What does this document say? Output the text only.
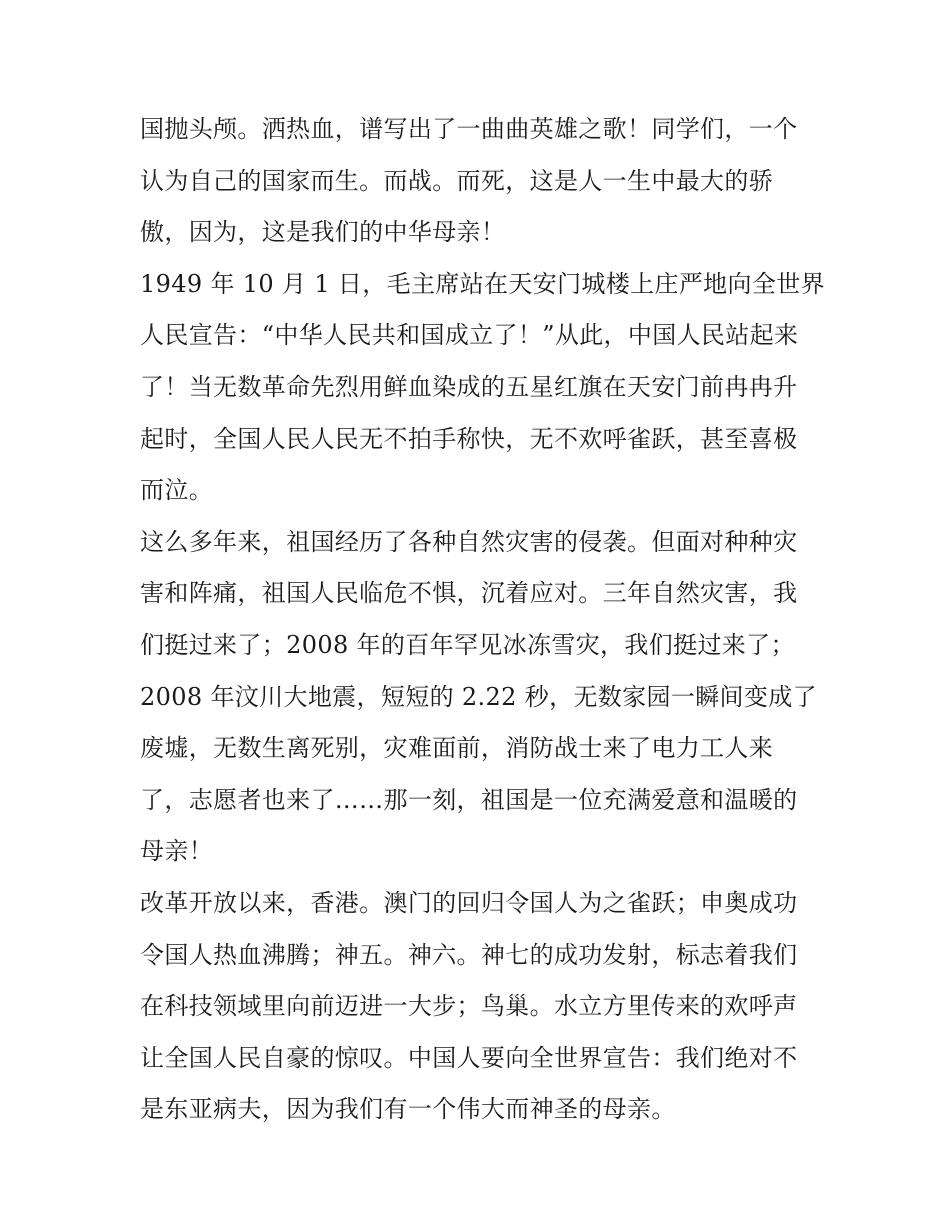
国抛头颅。洒热血，谱写出了一曲曲英雄之歌！同学们，一个
认为自己的国家而生。而战。而死，这是人一生中最大的骄
傲，因为，这是我们的中华母亲！
1949 年 10 月 1 日，毛主席站在天安门城楼上庄严地向全世界
人民宣告：“中华人民共和国成立了！”从此，中国人民站起来
了！当无数革命先烈用鲜血染成的五星红旗在天安门前冉冉升
起时，全国人民人民无不拍手称快，无不欢呼雀跃，甚至喜极
而泣。
这么多年来，祖国经历了各种自然灾害的侵袭。但面对种种灾
害和阵痛，祖国人民临危不惧，沉着应对。三年自然灾害，我
们挺过来了；2008 年的百年罕见冰冻雪灾，我们挺过来了；
2008 年汶川大地震，短短的 2.22 秒，无数家园一瞬间变成了
废墟，无数生离死别，灾难面前，消防战士来了电力工人来
了，志愿者也来了……那一刻，祖国是一位充满爱意和温暖的
母亲！
改革开放以来，香港。澳门的回归令国人为之雀跃；申奥成功
令国人热血沸腾；神五。神六。神七的成功发射，标志着我们
在科技领域里向前迈进一大步；鸟巢。水立方里传来的欢呼声
让全国人民自豪的惊叹。中国人要向全世界宣告：我们绝对不
是东亚病夫，因为我们有一个伟大而神圣的母亲。
